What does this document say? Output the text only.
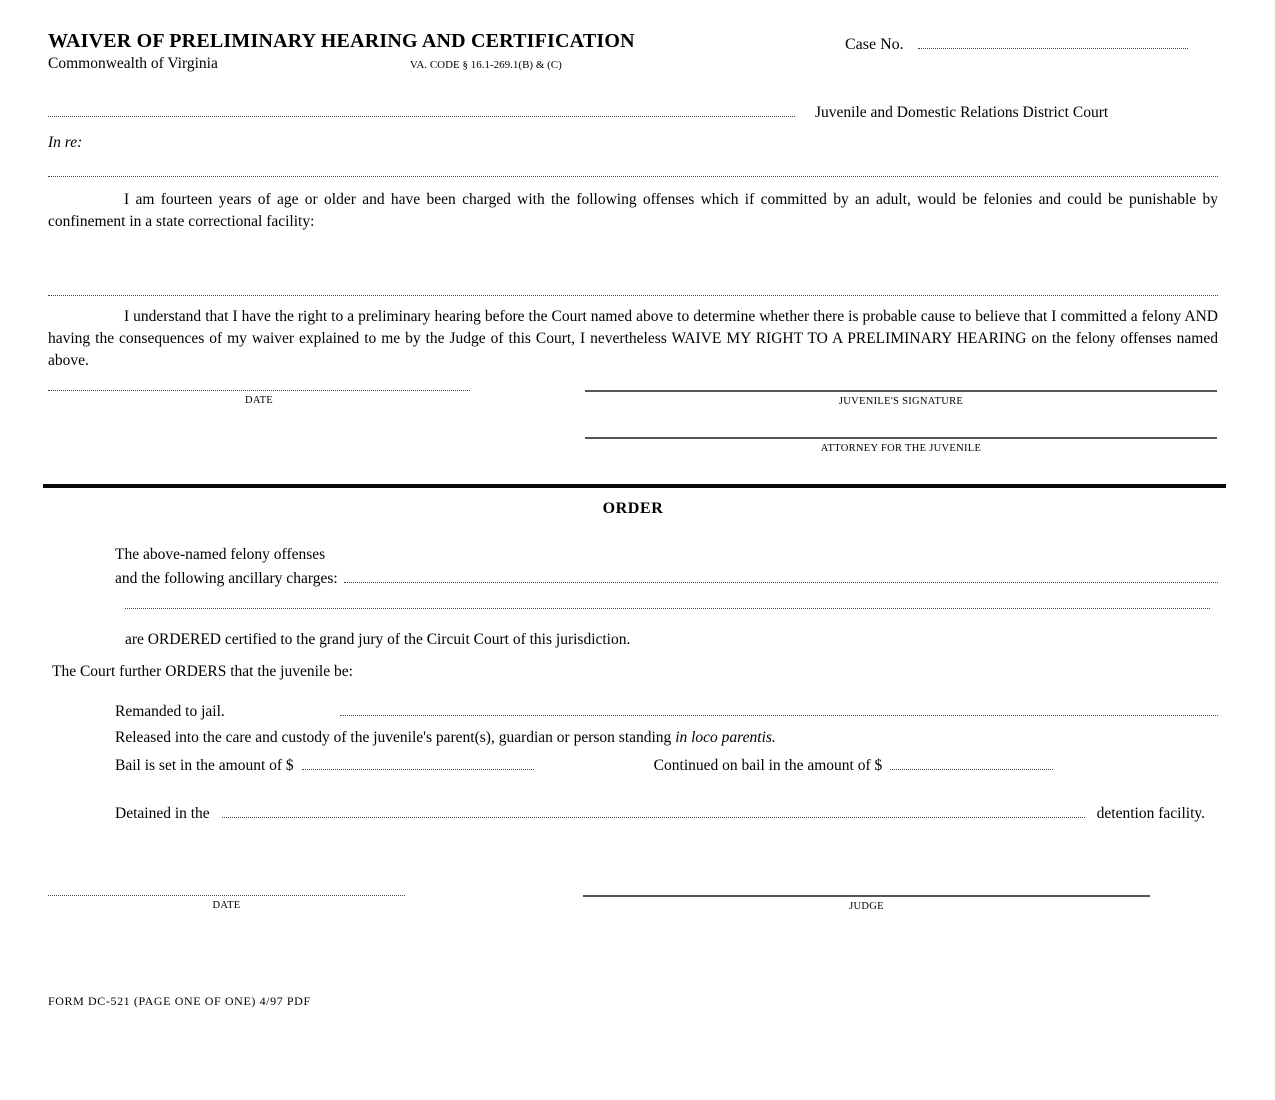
WAIVER OF PRELIMINARY HEARING AND CERTIFICATION
Commonwealth of Virginia	VA. CODE § 16.1-269.1(B) & (C)
Case No.
Juvenile and Domestic Relations District Court
In re:
I am fourteen years of age or older and have been charged with the following offenses which if committed by an adult, would be felonies and could be punishable by confinement in a state correctional facility:
I understand that I have the right to a preliminary hearing before the Court named above to determine whether there is probable cause to believe that I committed a felony AND having the consequences of my waiver explained to me by the Judge of this Court, I nevertheless WAIVE MY RIGHT TO A PRELIMINARY HEARING on the felony offenses named above.
DATE	JUVENILE'S SIGNATURE
ATTORNEY FOR THE JUVENILE
ORDER
The above-named felony offenses
and the following ancillary charges:
are ORDERED certified to the grand jury of the Circuit Court of this jurisdiction.
The Court further ORDERS that the juvenile be:
Remanded to jail.
Released into the care and custody of the juvenile's parent(s), guardian or person standing in loco parentis.
Bail is set in the amount of $	Continued on bail in the amount of $
Detained in the	detention facility.
DATE	JUDGE
FORM DC-521 (PAGE ONE OF ONE) 4/97 PDF
